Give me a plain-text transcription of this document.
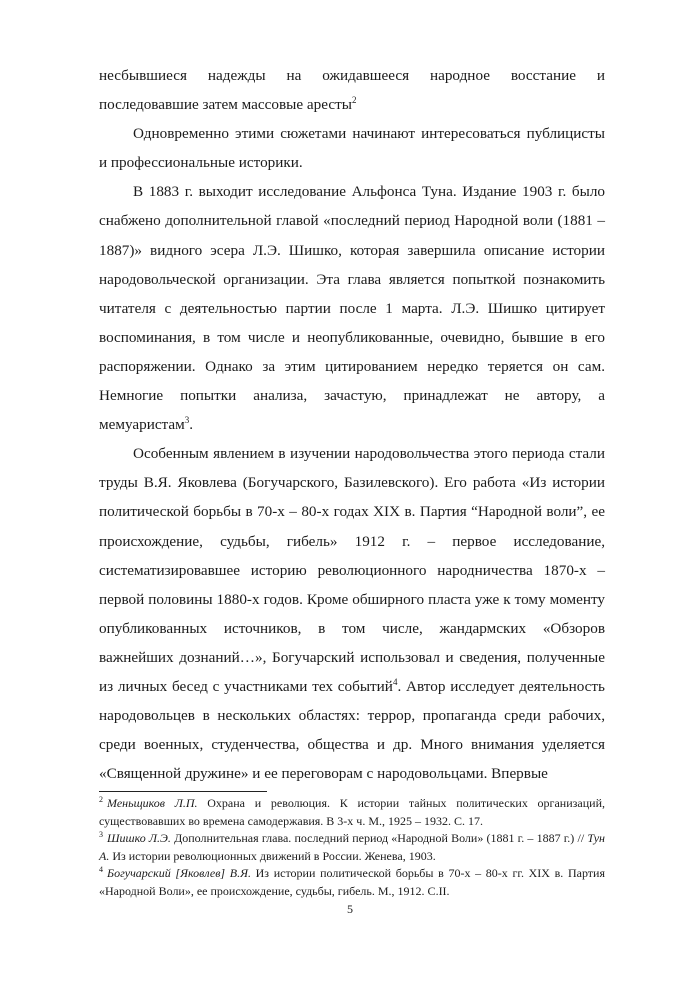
несбывшиеся надежды на ожидавшееся народное восстание и последовавшие затем массовые аресты$^2$

Одновременно этими сюжетами начинают интересоваться публицисты и профессиональные историки.

В 1883 г. выходит исследование Альфонса Туна. Издание 1903 г. было снабжено дополнительной главой «последний период Народной воли (1881 – 1887)» видного эсера Л.Э. Шишко, которая завершила описание истории народовольческой организации. Эта глава является попыткой познакомить читателя с деятельностью партии после 1 марта. Л.Э. Шишко цитирует воспоминания, в том числе и неопубликованные, очевидно, бывшие в его распоряжении. Однако за этим цитированием нередко теряется он сам. Немногие попытки анализа, зачастую, принадлежат не автору, а мемуаристам$^3$.

Особенным явлением в изучении народовольчества этого периода стали труды В.Я. Яковлева (Богучарского, Базилевского). Его работа «Из истории политической борьбы в 70-х – 80-х годах XIX в. Партия “Народной воли”, ее происхождение, судьбы, гибель» 1912 г. – первое исследование, систематизировавшее историю революционного народничества 1870-х – первой половины 1880-х годов. Кроме обширного пласта уже к тому моменту опубликованных источников, в том числе, жандармских «Обзоров важнейших дознаний…», Богучарский использовал и сведения, полученные из личных бесед с участниками тех событий$^4$. Автор исследует деятельность народовольцев в нескольких областях: террор, пропаганда среди рабочих, среди военных, студенчества, общества и др. Много внимания уделяется «Священной дружине» и ее переговорам с народовольцами. Впервые

$^2$ Меньщиков Л.П. Охрана и революция. К истории тайных политических организаций, существовавших во времена самодержавия. В 3-х ч. М., 1925 – 1932. С. 17.

$^3$ Шишко Л.Э. Дополнительная глава. последний период «Народной Воли» (1881 г. – 1887 г.) // Тун А. Из истории революционных движений в России. Женева, 1903.

$^4$ Богучарский [Яковлев] В.Я. Из истории политической борьбы в 70-х – 80-х гг. XIX в. Партия «Народной Воли», ее происхождение, судьбы, гибель. М., 1912. С.II.

5
